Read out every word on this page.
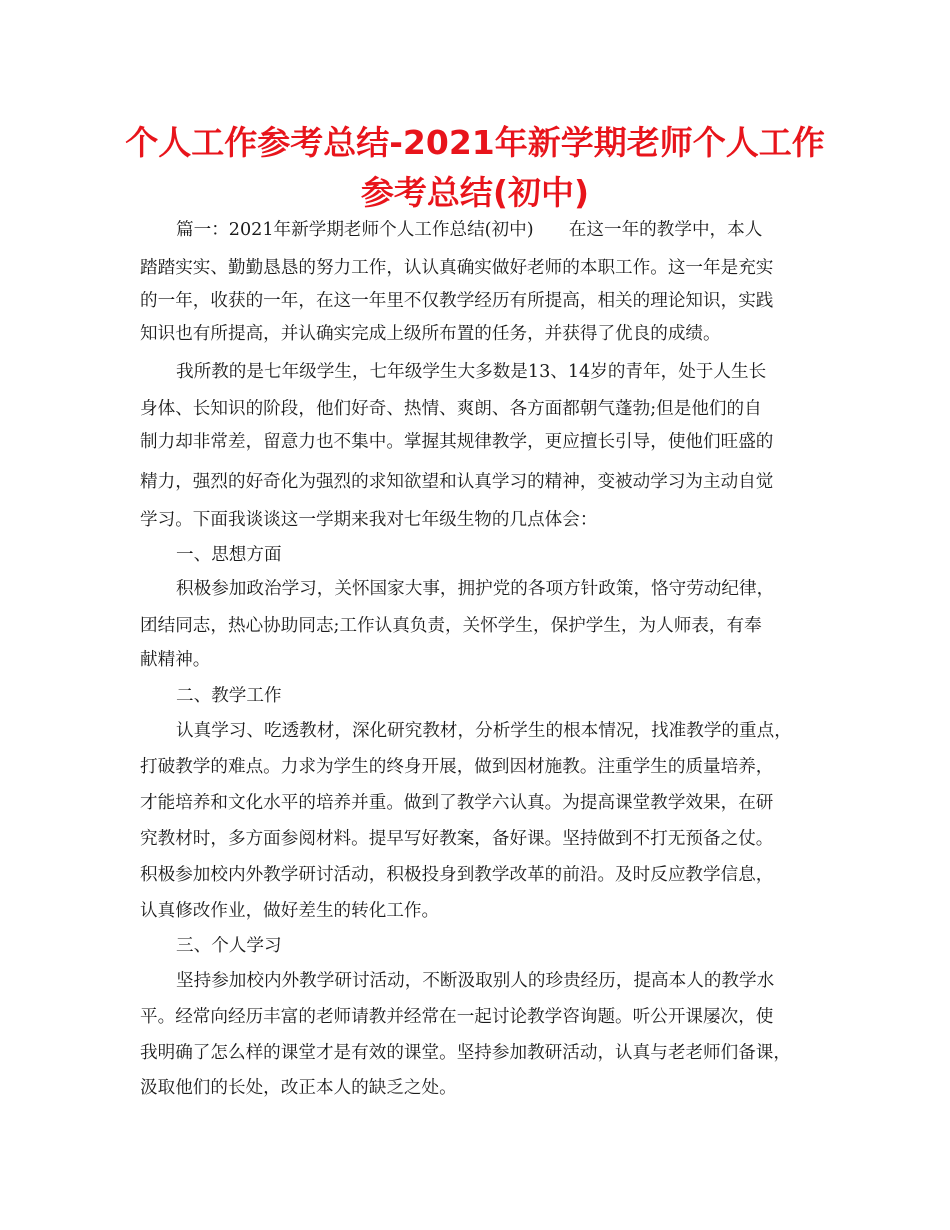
个人工作参考总结-2021年新学期老师个人工作
参考总结(初中)

篇一：2021年新学期老师个人工作总结(初中)　　在这一年的教学中，本人

踏踏实实、勤勤恳恳的努力工作，认认真确实做好老师的本职工作。这一年是充实

的一年，收获的一年，在这一年里不仅教学经历有所提高，相关的理论知识，实践

知识也有所提高，并认确实完成上级所布置的任务，并获得了优良的成绩。

我所教的是七年级学生，七年级学生大多数是13、14岁的青年，处于人生长

身体、长知识的阶段，他们好奇、热情、爽朗、各方面都朝气蓬勃;但是他们的自

制力却非常差，留意力也不集中。掌握其规律教学，更应擅长引导，使他们旺盛的

精力，强烈的好奇化为强烈的求知欲望和认真学习的精神，变被动学习为主动自觉

学习。下面我谈谈这一学期来我对七年级生物的几点体会：

一、思想方面

积极参加政治学习，关怀国家大事，拥护党的各项方针政策，恪守劳动纪律，

团结同志，热心协助同志;工作认真负责，关怀学生，保护学生，为人师表，有奉

献精神。

二、教学工作

认真学习、吃透教材，深化研究教材，分析学生的根本情况，找准教学的重点，

打破教学的难点。力求为学生的终身开展，做到因材施教。注重学生的质量培养，

才能培养和文化水平的培养并重。做到了教学六认真。为提高课堂教学效果，在研

究教材时，多方面参阅材料。提早写好教案，备好课。坚持做到不打无预备之仗。

积极参加校内外教学研讨活动，积极投身到教学改革的前沿。及时反应教学信息，

认真修改作业，做好差生的转化工作。

三、个人学习

坚持参加校内外教学研讨活动，不断汲取别人的珍贵经历，提高本人的教学水

平。经常向经历丰富的老师请教并经常在一起讨论教学咨询题。听公开课屡次，使

我明确了怎么样的课堂才是有效的课堂。坚持参加教研活动，认真与老老师们备课，

汲取他们的长处，改正本人的缺乏之处。
